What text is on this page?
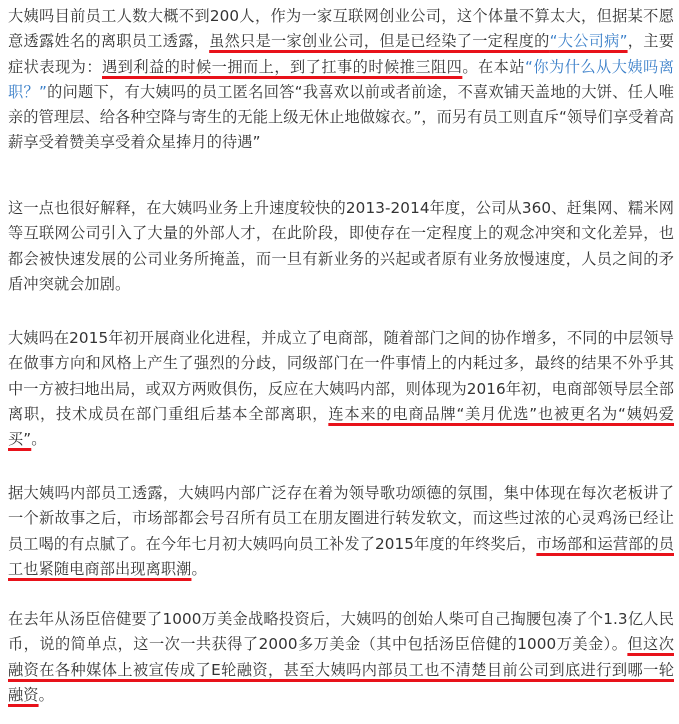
大姨吗目前员工人数大概不到200人，作为一家互联网创业公司，这个体量不算太大，但据某不愿意透露姓名的离职员工透露，虽然只是一家创业公司，但是已经染了一定程度的“大公司病”，主要症状表现为：遇到利益的时候一拥而上，到了扛事的时候推三阻四。在本站“你为什么从大姨吗离职？”的问题下，有大姨吗的员工匿名回答“我喜欢以前或者前途，不喜欢铺天盖地的大饼、任人唯亲的管理层、给各种空降与寄生的无能上级无休止地做嫁衣。”，而另有员工则直斥“领导们享受着高薪享受着赞美享受着众星捧月的待遇”

这一点也很好解释，在大姨吗业务上升速度较快的2013-2014年度，公司从360、赶集网、糯米网等互联网公司引入了大量的外部人才，在此阶段，即使存在一定程度上的观念冲突和文化差异，也都会被快速发展的公司业务所掩盖，而一旦有新业务的兴起或者原有业务放慢速度，人员之间的矛盾冲突就会加剧。

大姨吗在2015年初开展商业化进程，并成立了电商部，随着部门之间的协作增多，不同的中层领导在做事方向和风格上产生了强烈的分歧，同级部门在一件事情上的内耗过多，最终的结果不外乎其中一方被扫地出局，或双方两败俱伤，反应在大姨吗内部，则体现为2016年初，电商部领导层全部离职，技术成员在部门重组后基本全部离职，连本来的电商品牌“美月优选”也被更名为“姨妈爱买”。

据大姨吗内部员工透露，大姨吗内部广泛存在着为领导歌功颂德的氛围，集中体现在每次老板讲了一个新故事之后，市场部都会号召所有员工在朋友圈进行转发软文，而这些过浓的心灵鸡汤已经让员工喝的有点腻了。在今年七月初大姨吗向员工补发了2015年度的年终奖后，市场部和运营部的员工也紧随电商部出现离职潮。

在去年从汤臣倍健要了1000万美金战略投资后，大姨吗的创始人柴可自己掏腰包凑了个1.3亿人民币，说的简单点，这一次一共获得了2000多万美金（其中包括汤臣倍健的1000万美金）。但这次融资在各种媒体上被宣传成了E轮融资，甚至大姨吗内部员工也不清楚目前公司到底进行到哪一轮融资。
